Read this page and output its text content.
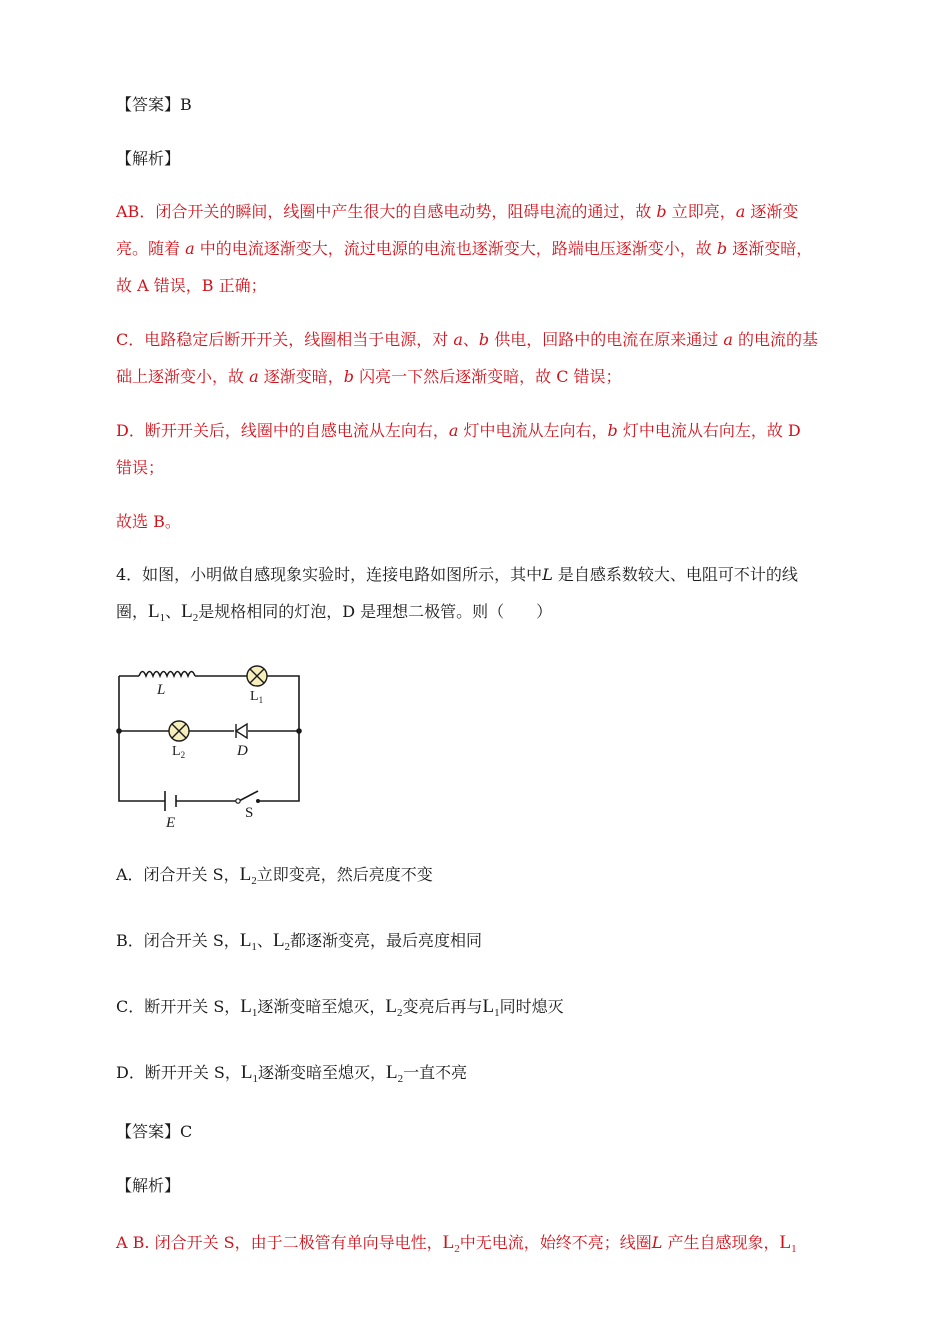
【答案】B
【解析】
AB．闭合开关的瞬间，线圈中产生很大的自感电动势，阻碍电流的通过，故 b 立即亮，a 逐渐变
亮。随着 a 中的电流逐渐变大，流过电源的电流也逐渐变大，路端电压逐渐变小，故 b 逐渐变暗，
故 A 错误，B 正确；
C．电路稳定后断开开关，线圈相当于电源，对 a、b 供电，回路中的电流在原来通过 a 的电流的基
础上逐渐变小，故 a 逐渐变暗，b 闪亮一下然后逐渐变暗，故 C 错误；
D．断开开关后，线圈中的自感电流从左向右，a 灯中电流从左向右，b 灯中电流从右向左，故 D
错误；
故选 B。
4．如图，小明做自感现象实验时，连接电路如图所示，其中L 是自感系数较大、电阻可不计的线
圈，$L_1$、$L_2$是规格相同的灯泡，D 是理想二极管。则（　　）
L	$L_1$
$L_2$	D
E
S
A．闭合开关 S，$L_2$立即变亮，然后亮度不变
B．闭合开关 S，$L_1$、$L_2$都逐渐变亮，最后亮度相同
C．断开开关 S，$L_1$逐渐变暗至熄灭，$L_2$变亮后再与$L_1$同时熄灭
D．断开开关 S，$L_1$逐渐变暗至熄灭，$L_2$一直不亮
【答案】C
【解析】
A B. 闭合开关 S，由于二极管有单向导电性，$L_2$中无电流，始终不亮；线圈L 产生自感现象，$L_1$
